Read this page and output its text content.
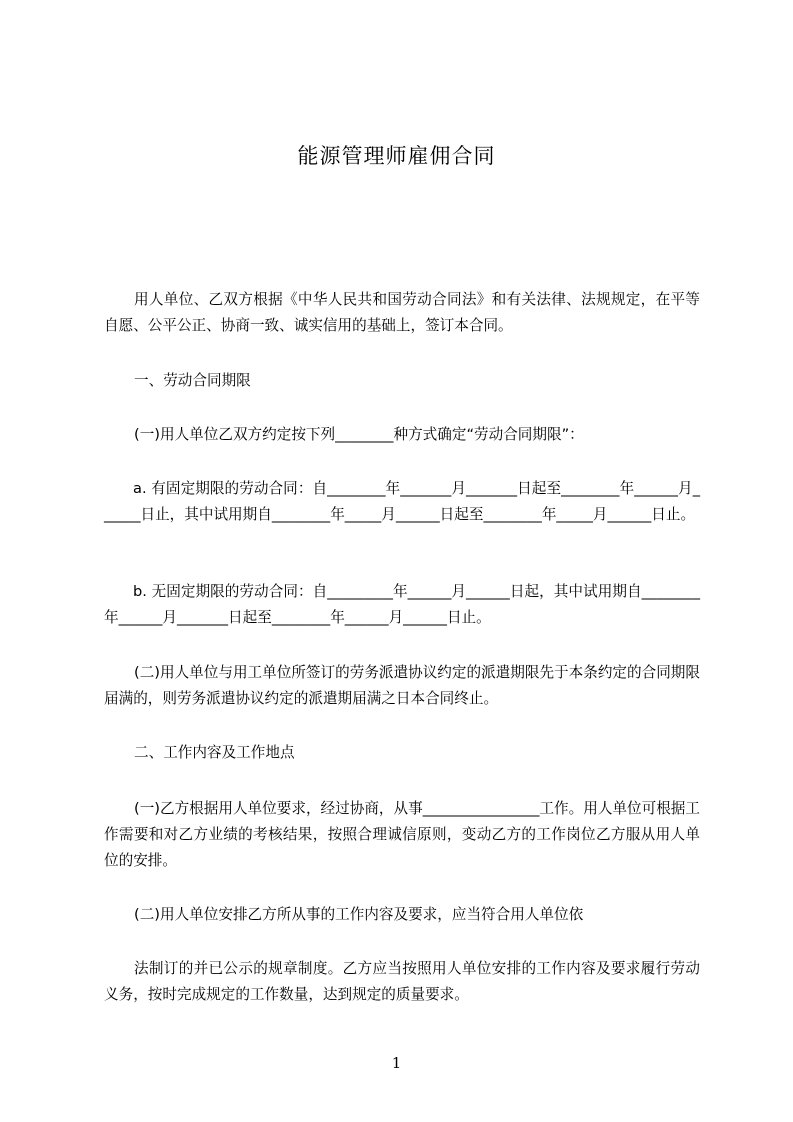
能源管理师雇佣合同

用人单位、乙双方根据《中华人民共和国劳动合同法》和有关法律、法规规定，在平等自愿、公平公正、协商一致、诚实信用的基础上，签订本合同。

一、劳动合同期限

(一)用人单位乙双方约定按下列________种方式确定“劳动合同期限”：

a. 有固定期限的劳动合同：自________年_______月_______日起至________年______月______日止，其中试用期自________年_____月______日起至________年_____月______日止。

b. 无固定期限的劳动合同：自_________年______月______日起，其中试用期自________年______月_______日起至________年______月______日止。

(二)用人单位与用工单位所签订的劳务派遣协议约定的派遣期限先于本条约定的合同期限届满的，则劳务派遣协议约定的派遣期届满之日本合同终止。

二、工作内容及工作地点

(一)乙方根据用人单位要求，经过协商，从事________________工作。用人单位可根据工作需要和对乙方业绩的考核结果，按照合理诚信原则，变动乙方的工作岗位乙方服从用人单位的安排。

(二)用人单位安排乙方所从事的工作内容及要求，应当符合用人单位依

法制订的并已公示的规章制度。乙方应当按照用人单位安排的工作内容及要求履行劳动义务，按时完成规定的工作数量，达到规定的质量要求。

1
